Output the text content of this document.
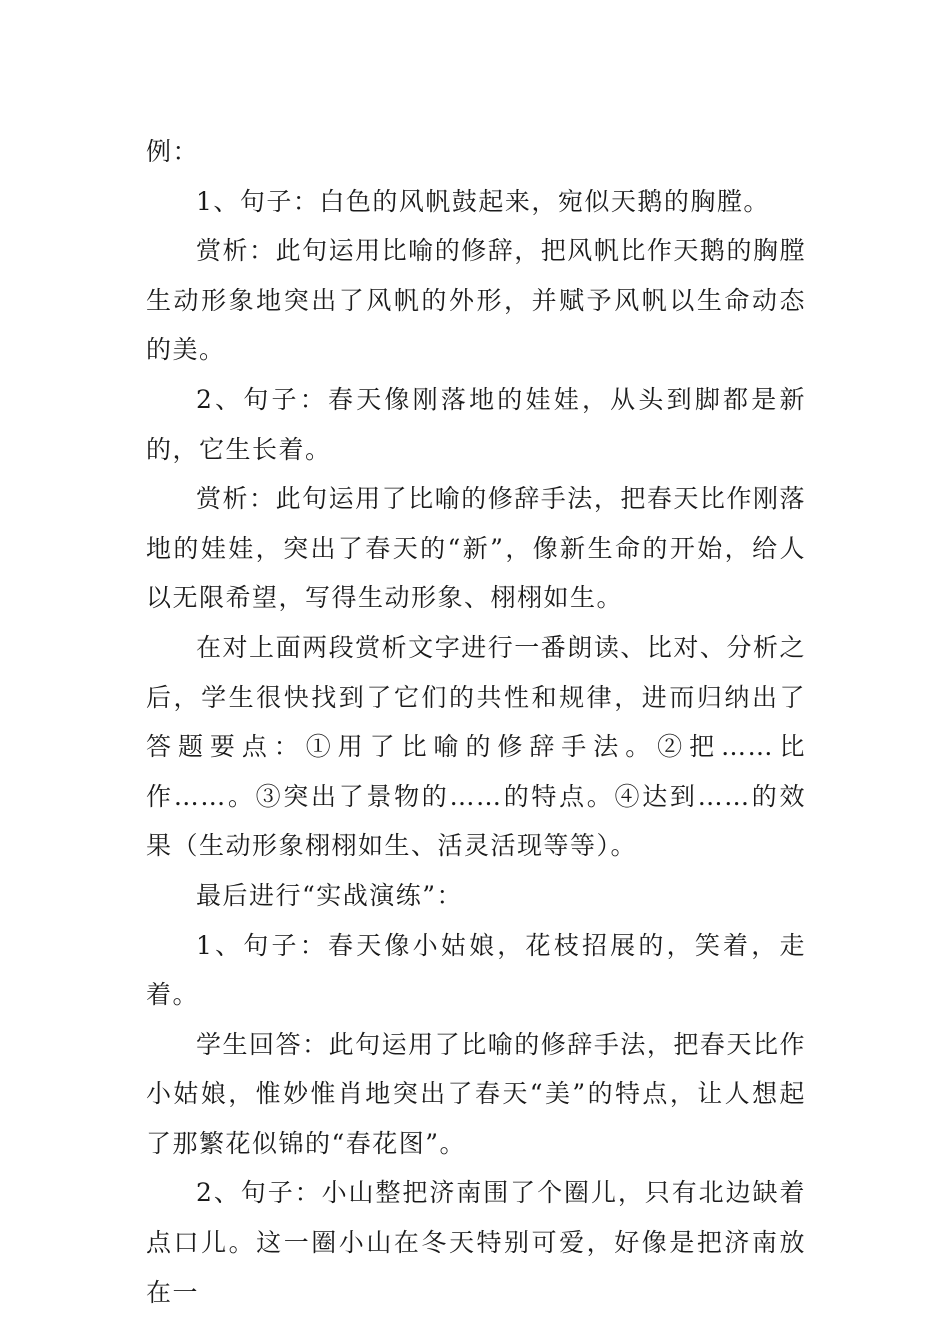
例：

1、句子：白色的风帆鼓起来，宛似天鹅的胸膛。

赏析：此句运用比喻的修辞，把风帆比作天鹅的胸膛生动形象地突出了风帆的外形，并赋予风帆以生命动态的美。

2、句子：春天像刚落地的娃娃，从头到脚都是新的，它生长着。

赏析：此句运用了比喻的修辞手法，把春天比作刚落地的娃娃，突出了春天的“新”，像新生命的开始，给人以无限希望，写得生动形象、栩栩如生。

在对上面两段赏析文字进行一番朗读、比对、分析之后，学生很快找到了它们的共性和规律，进而归纳出了答题要点：①用了比喻的修辞手法。②把……比作……。③突出了景物的……的特点。④达到……的效果（生动形象栩栩如生、活灵活现等等）。

最后进行“实战演练”：

1、句子：春天像小姑娘，花枝招展的，笑着，走着。

学生回答：此句运用了比喻的修辞手法，把春天比作小姑娘，惟妙惟肖地突出了春天“美”的特点，让人想起了那繁花似锦的“春花图”。

2、句子：小山整把济南围了个圈儿，只有北边缺着点口儿。这一圈小山在冬天特别可爱，好像是把济南放在一
